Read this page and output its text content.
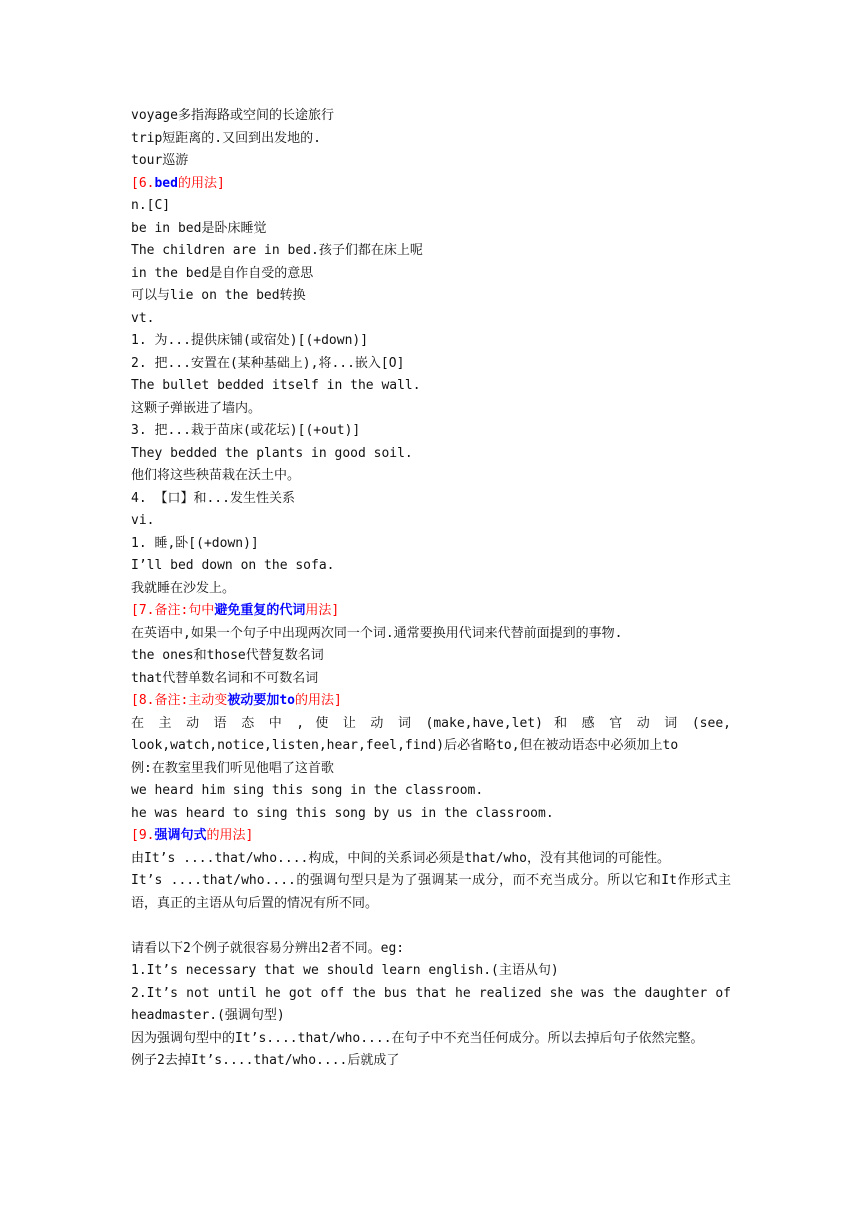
voyage多指海路或空间的长途旅行
trip短距离的.又回到出发地的.
tour巡游
[6.bed的用法]
n.[C]
be in bed是卧床睡觉
The children are in bed.孩子们都在床上呢
in the bed是自作自受的意思
可以与lie on the bed转换
vt.
1. 为...提供床铺(或宿处)[(+down)]
2. 把...安置在(某种基础上),将...嵌入[O]
The bullet bedded itself in the wall.
这颗子弹嵌进了墙内。
3. 把...栽于苗床(或花坛)[(+out)]
They bedded the plants in good soil.
他们将这些秧苗栽在沃土中。
4. 【口】和...发生性关系
vi.
1. 睡,卧[(+down)]
I’ll bed down on the sofa.
我就睡在沙发上。
[7.备注:句中避免重复的代词用法]
在英语中,如果一个句子中出现两次同一个词.通常要换用代词来代替前面提到的事物.
the ones和those代替复数名词
that代替单数名词和不可数名词
[8.备注:主动变被动要加to的用法]
在 主 动 语 态 中 , 使 让 动 词 (make,have,let) 和 感 官 动 词 (see, look,watch,notice,listen,hear,feel,find)后必省略to,但在被动语态中必须加上to
例:在教室里我们听见他唱了这首歌
we heard him sing this song in the classroom.
he was heard to sing this song by us in the classroom.
[9.强调句式的用法]
由It’s ....that/who....构成，中间的关系词必须是that/who，没有其他词的可能性。
It’s ....that/who....的强调句型只是为了强调某一成分，而不充当成分。所以它和It作形式主语，真正的主语从句后置的情况有所不同。
请看以下2个例子就很容易分辨出2者不同。eg:
1.It’s necessary that we should learn english.(主语从句)
2.It’s not until he got off the bus that he realized she was the daughter of headmaster.(强调句型)
因为强调句型中的It’s....that/who....在句子中不充当任何成分。所以去掉后句子依然完整。
例子2去掉It’s....that/who....后就成了
